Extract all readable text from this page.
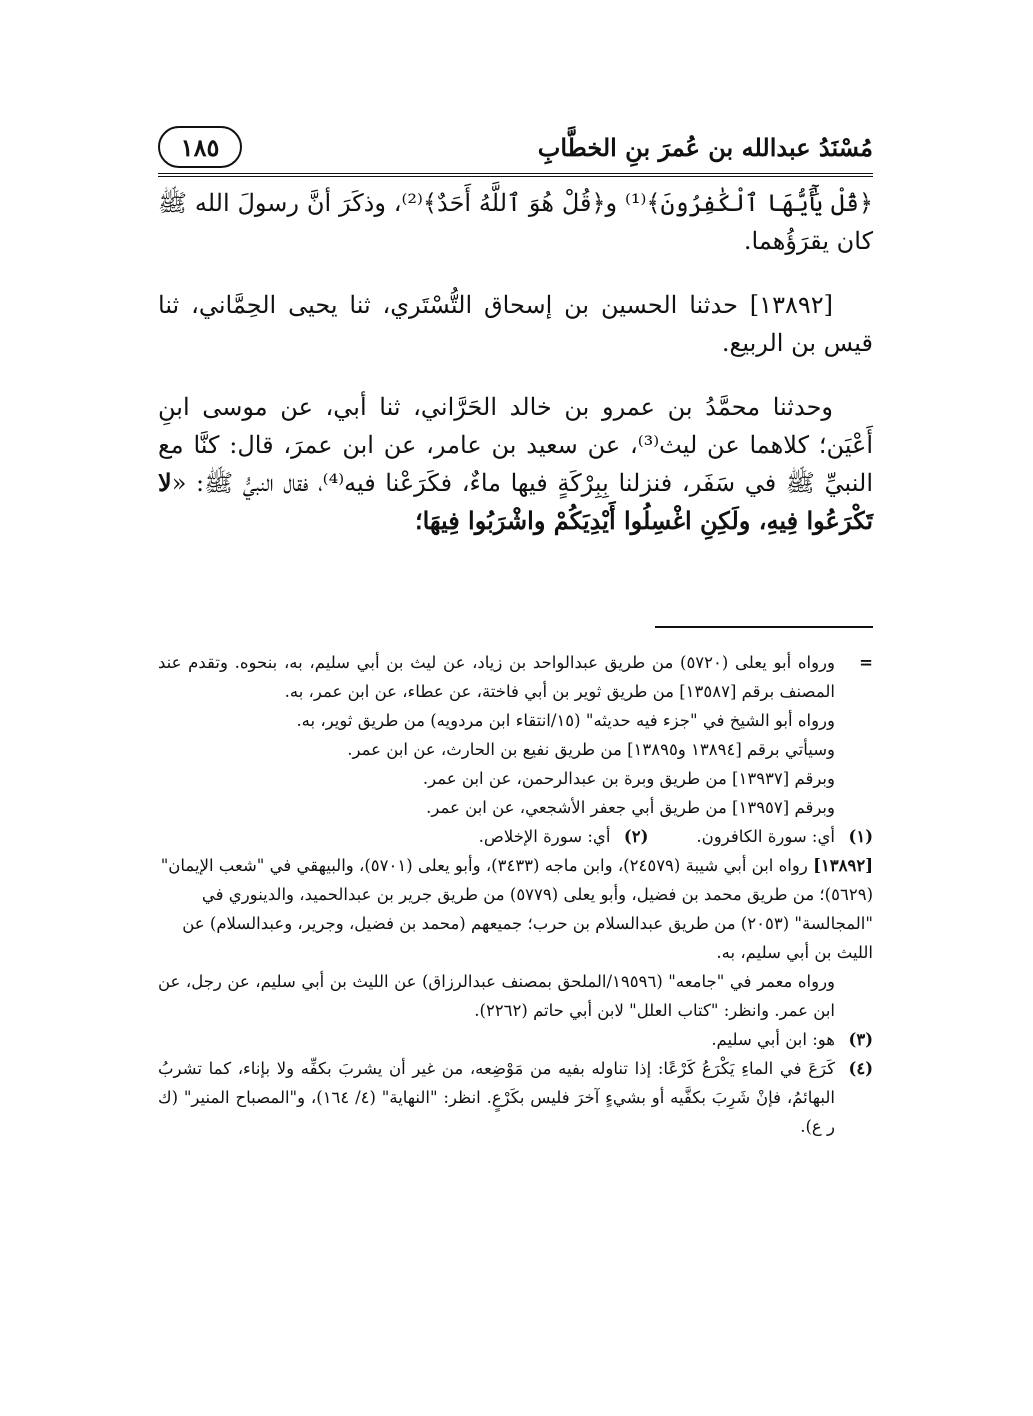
مُسْنَدُ عبدالله بن عُمرَ بنِ الخطَّابِ
١٨٥

﴿قُلْ يَٰٓأَيُّهَا ٱلْكَٰفِرُونَ﴾⁽¹⁾ و﴿قُلْ هُوَ ٱللَّهُ أَحَدٌ﴾⁽²⁾، وذكَرَ أنَّ رسولَ الله ﷺ كان يقرَؤُهما.

[١٣٨٩٢] حدثنا الحسين بن إسحاق التُّسْتَري، ثنا يحيى الحِمَّاني، ثنا قيس بن الربيع.

وحدثنا محمَّدُ بن عمرو بن خالد الحَرَّاني، ثنا أبي، عن موسى ابنِ أَعْيَن؛ كلاهما عن ليث⁽³⁾، عن سعيد بن عامر، عن ابن عمرَ، قال: كنَّا مع النبيِّ ﷺ في سَفَر، فنزلنا بِبِرْكَةٍ فيها ماءٌ، فكَرَعْنا فيه⁽⁴⁾، فقال النبيُّ ﷺ: «لا تَكْرَعُوا فِيهِ، ولَكِنِ اغْسِلُوا أَيْدِيَكُمْ واشْرَبُوا فِيهَا؛

=
ورواه أبو يعلى (٥٧٢٠) من طريق عبدالواحد بن زياد، عن ليث بن أبي سليم، به، بنحوه. وتقدم عند المصنف برقم [١٣٥٨٧] من طريق ثوير بن أبي فاختة، عن عطاء، عن ابن عمر، به.
ورواه أبو الشيخ في "جزء فيه حديثه" (١٥/انتقاء ابن مردويه) من طريق ثوير، به.
وسيأتي برقم [١٣٨٩٤ و١٣٨٩٥] من طريق نفيع بن الحارث، عن ابن عمر.
وبرقم [١٣٩٣٧] من طريق وبرة بن عبدالرحمن، عن ابن عمر.
وبرقم [١٣٩٥٧] من طريق أبي جعفر الأشجعي، عن ابن عمر.
(١)
أي: سورة الكافرون.
(٢)
أي: سورة الإخلاص.
[١٣٨٩٢] رواه ابن أبي شيبة (٢٤٥٧٩)، وابن ماجه (٣٤٣٣)، وأبو يعلى (٥٧٠١)، والبيهقي في "شعب الإيمان" (٥٦٢٩)؛ من طريق محمد بن فضيل، وأبو يعلى (٥٧٧٩) من طريق جرير بن عبدالحميد، والدينوري في "المجالسة" (٢٠٥٣) من طريق عبدالسلام بن حرب؛ جميعهم (محمد بن فضيل، وجرير، وعبدالسلام) عن الليث بن أبي سليم، به.
ورواه معمر في "جامعه" (١٩٥٩٦/الملحق بمصنف عبدالرزاق) عن الليث بن أبي سليم، عن رجل، عن ابن عمر. وانظر: "كتاب العلل" لابن أبي حاتم (٢٢٦٢).
(٣)
هو: ابن أبي سليم.
(٤)
كَرَعَ في الماءِ يَكْرَعُ كَرْعًا: إذا تناوله بفيه من مَوْضِعه، من غير أن يشربَ بكفِّه ولا بإناء، كما تشربُ البهائمُ، فإنْ شَرِبَ بكفَّيه أو بشيءٍ آخرَ فليس بكَرْعٍ. انظر: "النهاية" (٤/ ١٦٤)، و"المصباح المنير" (ك ر ع).
